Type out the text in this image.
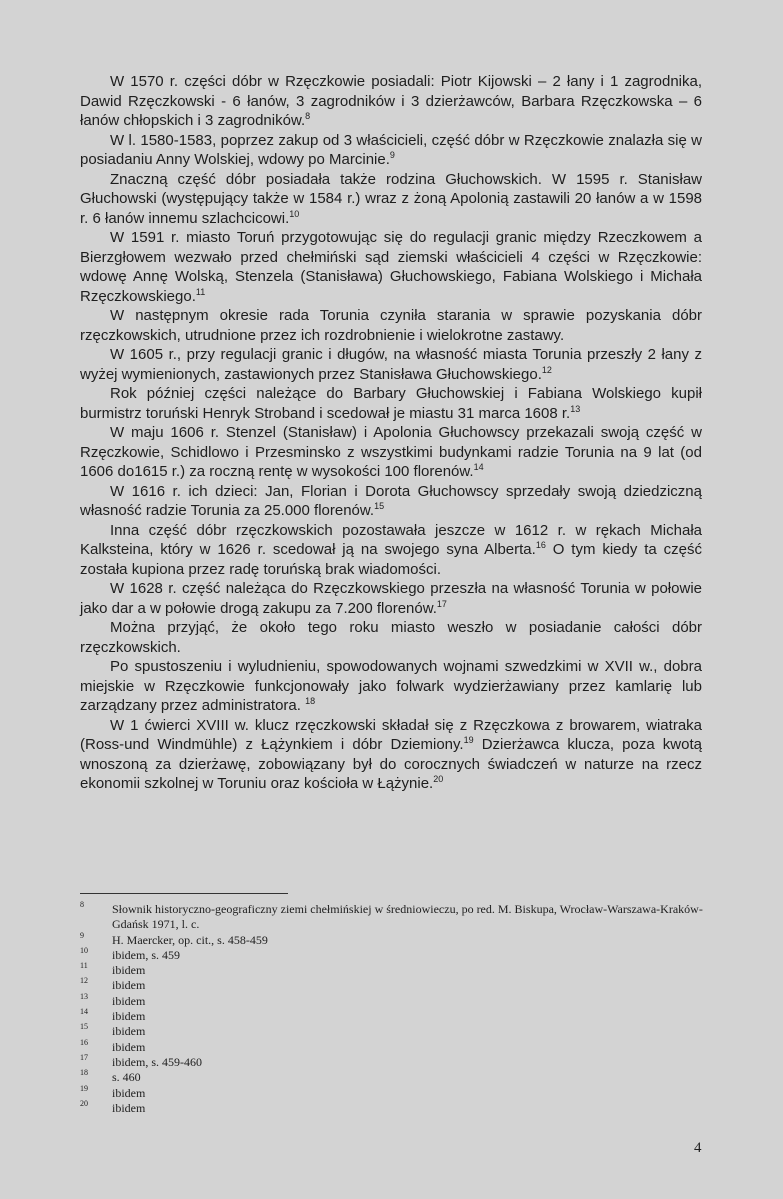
W 1570 r. części dóbr w Rzęczkowie posiadali: Piotr Kijowski – 2 łany i 1 zagrodnika, Dawid Rzęczkowski - 6 łanów, 3 zagrodników i 3 dzierżawców, Barbara Rzęczkowska – 6 łanów chłopskich i 3 zagrodników.$^8$

W l. 1580-1583, poprzez zakup od 3 właścicieli, część dóbr w Rzęczkowie znalazła się w posiadaniu Anny Wolskiej, wdowy po Marcinie.$^9$

Znaczną część dóbr posiadała także rodzina Głuchowskich. W 1595 r. Stanisław Głuchowski (występujący także w 1584 r.) wraz z żoną Apolonią zastawili 20 łanów a w 1598 r. 6 łanów innemu szlachcicowi.$^{10}$

W 1591 r. miasto Toruń przygotowując się do regulacji granic między Rzeczkowem a Bierzgłowem wezwało przed chełmiński sąd ziemski właścicieli 4 części w Rzęczkowie: wdowę Annę Wolską, Stenzela (Stanisława) Głuchowskiego, Fabiana Wolskiego i Michała Rzęczkowskiego.$^{11}$

W następnym okresie rada Torunia czyniła starania w sprawie pozyskania dóbr rzęczkowskich, utrudnione przez ich rozdrobnienie i wielokrotne zastawy.

W 1605 r., przy regulacji granic i długów, na własność miasta Torunia przeszły 2 łany z wyżej wymienionych, zastawionych przez Stanisława Głuchowskiego.$^{12}$

Rok później części należące do Barbary Głuchowskiej i Fabiana Wolskiego kupił burmistrz toruński Henryk Stroband i scedował je miastu 31 marca 1608 r.$^{13}$

W maju 1606 r. Stenzel (Stanisław) i Apolonia Głuchowscy przekazali swoją część w Rzęczkowie, Schidlowo i Przesminsko z wszystkimi budynkami radzie Torunia na 9 lat (od 1606 do1615 r.) za roczną rentę w wysokości 100 florenów.$^{14}$

W 1616 r. ich dzieci: Jan, Florian i Dorota Głuchowscy sprzedały swoją dziedziczną własność radzie Torunia za 25.000 florenów.$^{15}$

Inna część dóbr rzęczkowskich pozostawała jeszcze w 1612 r. w rękach Michała Kalksteina, który w 1626 r. scedował ją na swojego syna Alberta.$^{16}$ O tym kiedy ta część została kupiona przez radę toruńską brak wiadomości.

W 1628 r. część należąca do Rzęczkowskiego przeszła na własność Torunia w połowie jako dar a w połowie drogą zakupu za 7.200 florenów.$^{17}$

Można przyjąć, że około tego roku miasto weszło w posiadanie całości dóbr rzęczkowskich.

Po spustoszeniu i wyludnieniu, spowodowanych wojnami szwedzkimi w XVII w., dobra miejskie w Rzęczkowie funkcjonowały jako folwark wydzierżawiany przez kamlarię lub zarządzany przez administratora. $^{18}$

W 1 ćwierci XVIII w. klucz rzęczkowski składał się z Rzęczkowa z browarem, wiatraka (Ross-und Windmühle) z Łążynkiem i dóbr Dziemiony.$^{19}$ Dzierżawca klucza, poza kwotą wnoszoną za dzierżawę, zobowiązany był do corocznych świadczeń w naturze na rzecz ekonomii szkolnej w Toruniu oraz kościoła w Łążynie.$^{20}$

8 Słownik historyczno-geograficzny ziemi chełmińskiej w średniowieczu, po red. M. Biskupa, Wrocław-Warszawa-Kraków-Gdańsk 1971, l. c.
9 H. Maercker, op. cit., s. 458-459
10 ibidem, s. 459
11 ibidem
12 ibidem
13 ibidem
14 ibidem
15 ibidem
16 ibidem
17 ibidem, s. 459-460
18 s. 460
19 ibidem
20 ibidem
4
